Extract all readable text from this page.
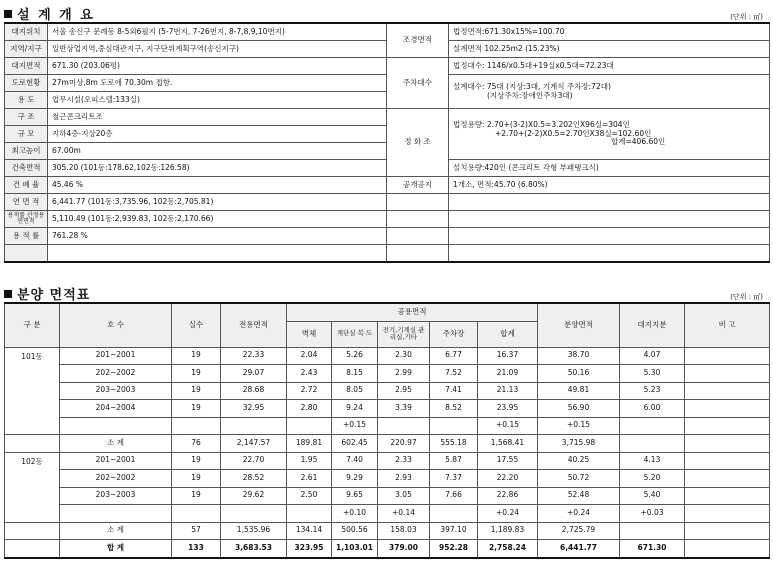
설 계 개 요	(단위 : ㎡)
대지위치	서울 송신구 문례동 8-5외6필지 (5-7번지, 7-26번지, 8-7,8,9,10번지)	조경면적	법정면적:671.30x15%=100.70
지역/지구	일반상업지역,중심대관지구, 지구단위계획구역(송신지구)		설계면적 102.25m2 (15.23%)
대지면적	671.30 (203.06평)	주차대수	법정대수: 1146/x0.5대+19실x0.5대=72.23대
도로현황	27m미상,8m 도로에 70.30m 접함.		설계대수: 75대 (지상:3대, 기계식 주차장:72대)
(지상주차:장애인주차3대)

용 도	업무시설(오피스텔:133실)		
구 조	철근콘크리트조	정 화 조	법정용량: 2.70+(3-2)X0.5=3.202인X96실=304인
+2.70+(2-2)X0.5=2.70인X38실=102.60인
합계=406.60인

규 모	지하4층-지상20층		
최고높이	67.00m		
건축면적	305.20 (101동:178.62,102동:126.58)		설치용량:420인 (콘크리트 각형 부패탱크식)
건 폐 율	45.46 %	공개공지	1개소, 면적:45.70 (6.80%)
연 면 적	6,441.77 (101동:3,735.96, 102동:2,705.81)		
용적률 산정용 연면적	5,110.49 (101동:2,939.83, 102동:2,170.66)		
용 적 률	761.28 %		

분양 면적표	(단위 : ㎡)
구 분	호 수	실수	전용면적	공용면적					분양면적	대지지분	비 고
				벽체	계단실 복 도	전기,기계실 관리실,기타	주차장	합계			
101동	201~2001	19	22.33	2.04	5.26	2.30	6.77	16.37	38.70	4.07	
	202~2002	19	29.07	2.43	8.15	2.99	7.52	21.09	50.16	5.30	
	203~2003	19	28.68	2.72	8.05	2.95	7.41	21.13	49.81	5.23	
	204~2004	19	32.95	2.80	9.24	3.39	8.52	23.95	56.90	6.00	
					+0.15			+0.15	+0.15		
	소 계	76	2,147.57	189.81	602.45	220.97	555.18	1,568.41	3,715.98		
102동	201~2001	19	22.70	1.95	7.40	2.33	5.87	17.55	40.25	4.13	
	202~2002	19	28.52	2.61	9.29	2.93	7.37	22.20	50.72	5.20	
	203~2003	19	29.62	2.50	9.65	3.05	7.66	22.86	52.48	5.40	
					+0.10	+0.14		+0.24	+0.24	+0.03	
	소 계	57	1,535.96	134.14	500.56	158.03	397.10	1,189.83	2,725.79		
	합 계	133	3,683.53	323.95	1,103.01	379.00	952.28	2,758.24	6,441.77	671.30	
